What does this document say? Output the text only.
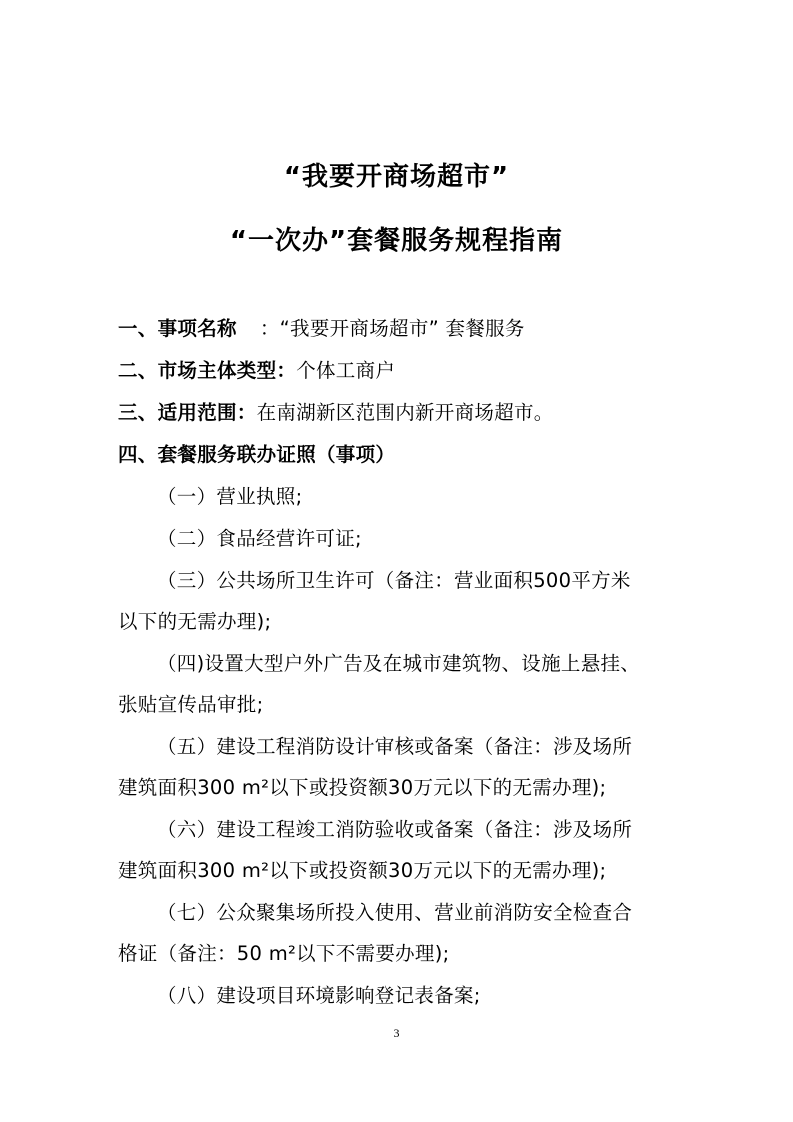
“我要开商场超市”
“一次办”套餐服务规程指南
一、事项名称 ：“我要开商场超市” 套餐服务
二、市场主体类型：个体工商户
三、适用范围：在南湖新区范围内新开商场超市。
四、套餐服务联办证照（事项）
（一）营业执照;
（二）食品经营许可证;
（三）公共场所卫生许可（备注：营业面积500平方米
以下的无需办理);
（四)设置大型户外广告及在城市建筑物、设施上悬挂、
张贴宣传品审批;
（五）建设工程消防设计审核或备案（备注：涉及场所
建筑面积300 m²以下或投资额30万元以下的无需办理);
（六）建设工程竣工消防验收或备案（备注：涉及场所
建筑面积300 m²以下或投资额30万元以下的无需办理);
（七）公众聚集场所投入使用、营业前消防安全检查合
格证（备注：50 m²以下不需要办理);
（八）建设项目环境影响登记表备案;
3
